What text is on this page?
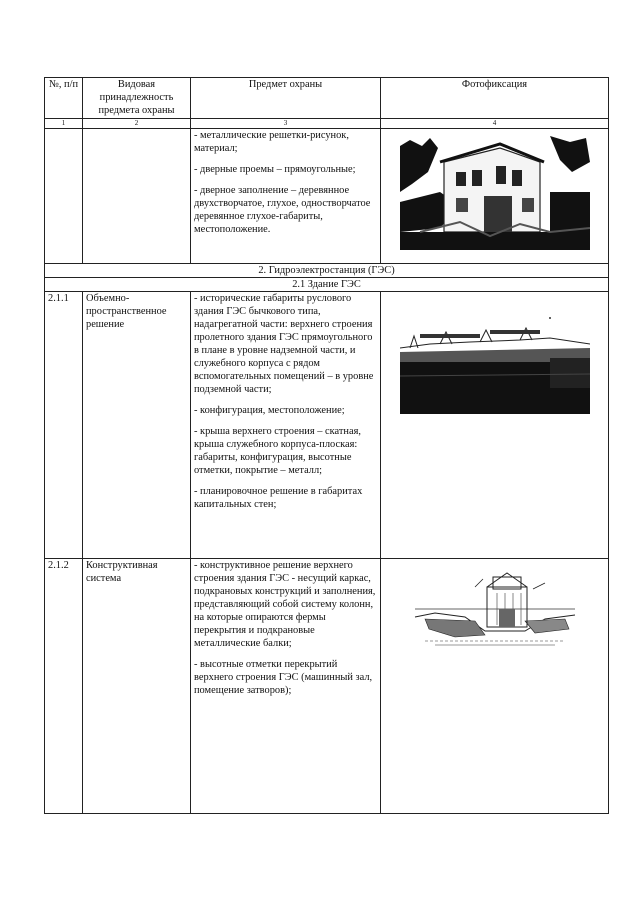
№, п/п	Видовая принадлежность предмета охраны	Предмет охраны	Фотофиксация
1	2	3	4

		- металлические решетки-рисунок, материал;

- дверные проемы – прямоугольные;

- дверное заполнение – деревянное двухстворчатое, глухое, одностворчатое деревянное глухое-габариты, местоположение.

2. Гидроэлектростанция (ГЭС)			
2.1 Здание ГЭС			
2.1.1	Объемно-пространственное решение	- исторические габариты руслового здания ГЭС бычкового типа, надагрегатной части: верхнего строения пролетного здания ГЭС прямоугольного в плане в уровне надземной части, и служебного корпуса с рядом вспомогательных помещений – в уровне подземной части;

- конфигурация, местоположение;

- крыша верхнего строения – скатная, крыша служебного корпуса-плоская: габариты, конфигурация, высотные отметки, покрытие – металл;

- планировочное решение в габаритах капитальных стен;

2.1.2	Конструктивная система	- конструктивное решение верхнего строения здания ГЭС - несущий каркас, подкрановых конструкций и заполнения, представляющий собой систему колонн, на которые опираются фермы перекрытия и подкрановые металлические балки;

- высотные отметки перекрытий верхнего строения ГЭС (машинный зал, помещение затворов);
